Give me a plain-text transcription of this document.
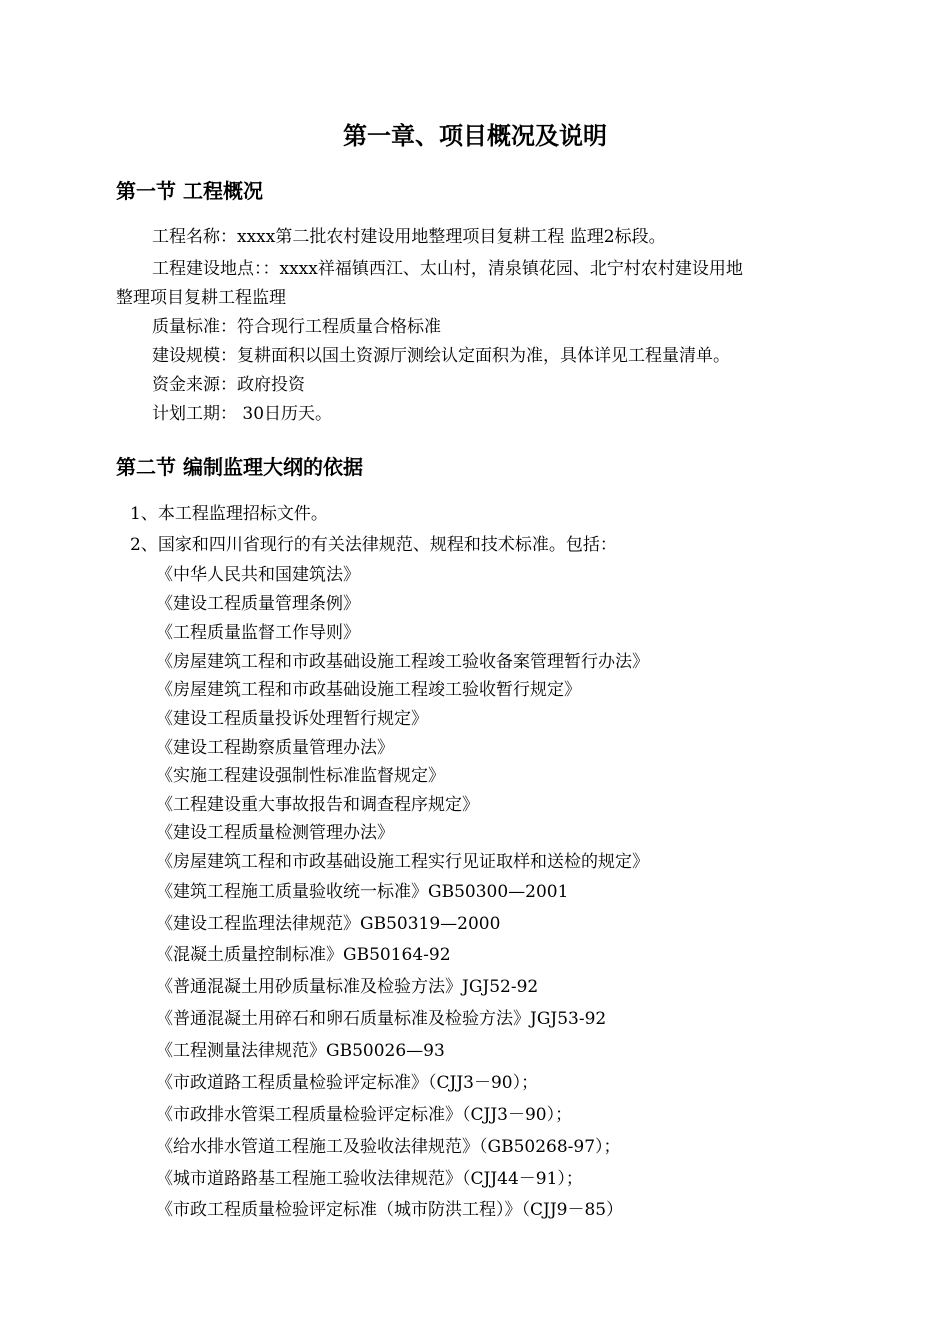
第一章、项目概况及说明
第一节 工程概况
工程名称：xxxx第二批农村建设用地整理项目复耕工程 监理2标段。
工程建设地点：：xxxx祥福镇西江、太山村，清泉镇花园、北宁村农村建设用地
整理项目复耕工程监理
质量标准：符合现行工程质量合格标准
建设规模：复耕面积以国土资源厅测绘认定面积为准，具体详见工程量清单。
资金来源：政府投资
计划工期： 30日历天。
第二节 编制监理大纲的依据
1、本工程监理招标文件。
2、国家和四川省现行的有关法律规范、规程和技术标准。包括：
《中华人民共和国建筑法》
《建设工程质量管理条例》
《工程质量监督工作导则》
《房屋建筑工程和市政基础设施工程竣工验收备案管理暂行办法》
《房屋建筑工程和市政基础设施工程竣工验收暂行规定》
《建设工程质量投诉处理暂行规定》
《建设工程勘察质量管理办法》
《实施工程建设强制性标准监督规定》
《工程建设重大事故报告和调查程序规定》
《建设工程质量检测管理办法》
《房屋建筑工程和市政基础设施工程实行见证取样和送检的规定》
《建筑工程施工质量验收统一标准》GB50300—2001
《建设工程监理法律规范》GB50319—2000
《混凝土质量控制标准》GB50164-92
《普通混凝土用砂质量标准及检验方法》JGJ52-92
《普通混凝土用碎石和卵石质量标准及检验方法》JGJ53-92
《工程测量法律规范》GB50026—93
《市政道路工程质量检验评定标准》（CJJ3－90）；
《市政排水管渠工程质量检验评定标准》（CJJ3－90）；
《给水排水管道工程施工及验收法律规范》（GB50268-97）；
《城市道路路基工程施工验收法律规范》（CJJ44－91）；
《市政工程质量检验评定标准（城市防洪工程）》（CJJ9－85）
